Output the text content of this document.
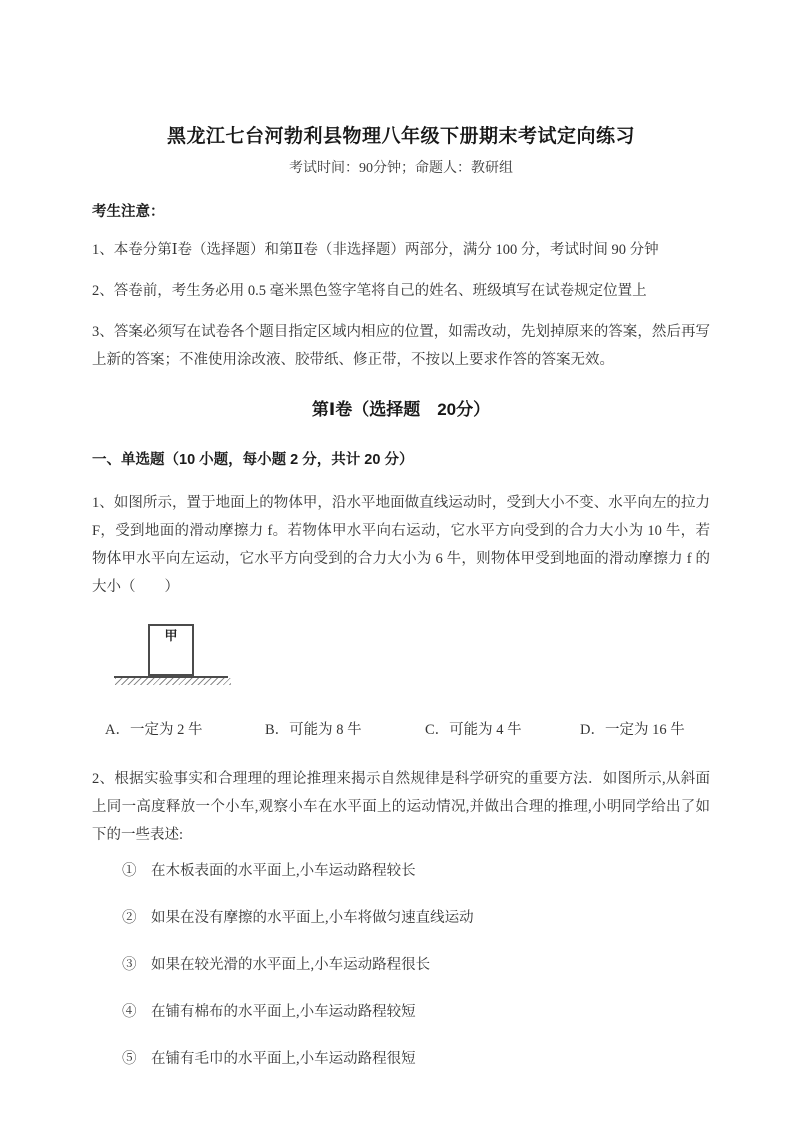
黑龙江七台河勃利县物理八年级下册期末考试定向练习
考试时间：90分钟；命题人：教研组
考生注意：

1、本卷分第Ⅰ卷（选择题）和第Ⅱ卷（非选择题）两部分，满分 100 分，考试时间 90 分钟

2、答卷前，考生务必用 0.5 毫米黑色签字笔将自己的姓名、班级填写在试卷规定位置上

3、答案必须写在试卷各个题目指定区域内相应的位置，如需改动，先划掉原来的答案，然后再写上新的答案；不准使用涂改液、胶带纸、修正带，不按以上要求作答的答案无效。

第Ⅰ卷（选择题　20分）
一、单选题（10 小题，每小题 2 分，共计 20 分）

1、如图所示，置于地面上的物体甲，沿水平地面做直线运动时，受到大小不变、水平向左的拉力F，受到地面的滑动摩擦力 f。若物体甲水平向右运动，它水平方向受到的合力大小为 10 牛，若物体甲水平向左运动，它水平方向受到的合力大小为 6 牛，则物体甲受到地面的滑动摩擦力 f 的大小（　　）

甲
A．一定为 2 牛	B．可能为 8 牛	C．可能为 4 牛	D．一定为 16 牛

2、根据实验事实和合理理的理论推理来揭示自然规律是科学研究的重要方法．如图所示,从斜面上同一高度释放一个小车,观察小车在水平面上的运动情况,并做出合理的推理,小明同学给出了如下的一些表述:

①　在木板表面的水平面上,小车运动路程较长

②　如果在没有摩擦的水平面上,小车将做匀速直线运动

③　如果在较光滑的水平面上,小车运动路程很长

④　在铺有棉布的水平面上,小车运动路程较短

⑤　在铺有毛巾的水平面上,小车运动路程很短
